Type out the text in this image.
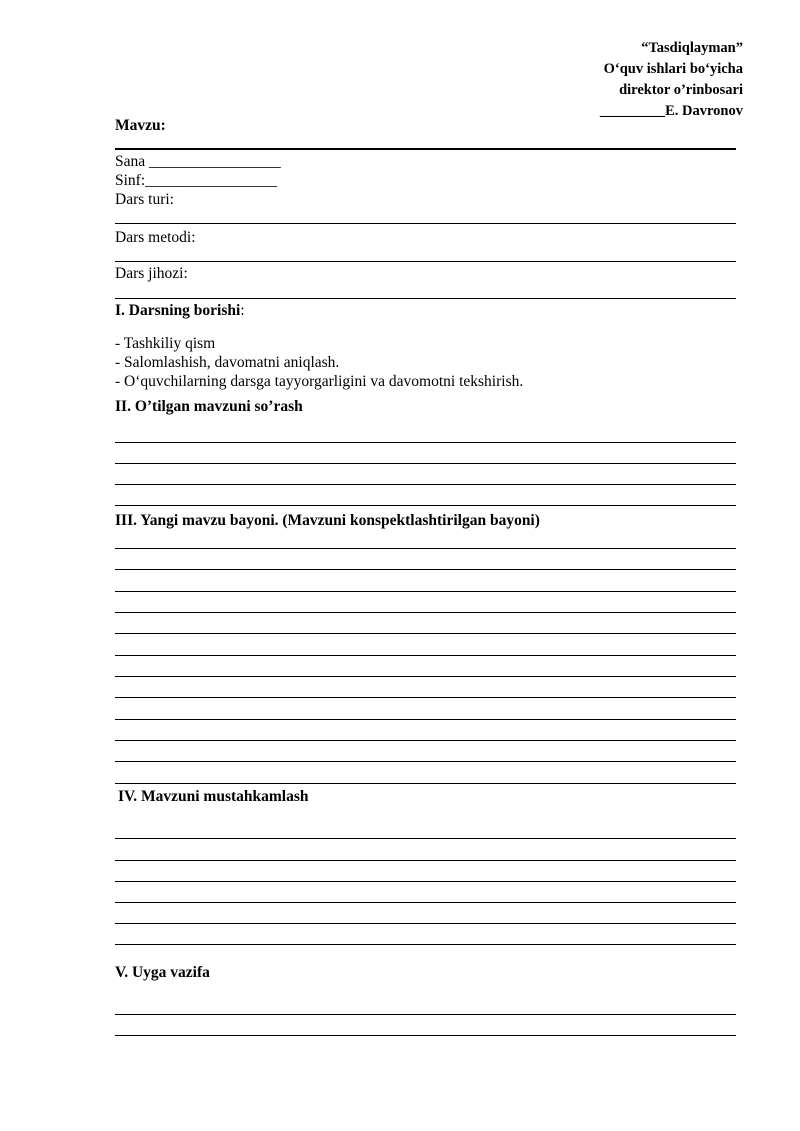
“Tasdiqlayman”
O‘quv ishlari bo‘yicha
direktor o’rinbosari
_________E. Davronov
Mavzu:
Sana _________________
Sinf:_________________
Dars turi:
Dars metodi:
Dars jihozi:
I. Darsning borishi:
- Tashkiliy qism
- Salomlashish, davomatni aniqlash.
- O‘quvchilarning darsga tayyorgarligini va davomotni tekshirish.
II. O’tilgan mavzuni so’rash
III. Yangi mavzu bayoni. (Mavzuni konspektlashtirilgan bayoni)
IV. Mavzuni mustahkamlash
V. Uyga vazifa
